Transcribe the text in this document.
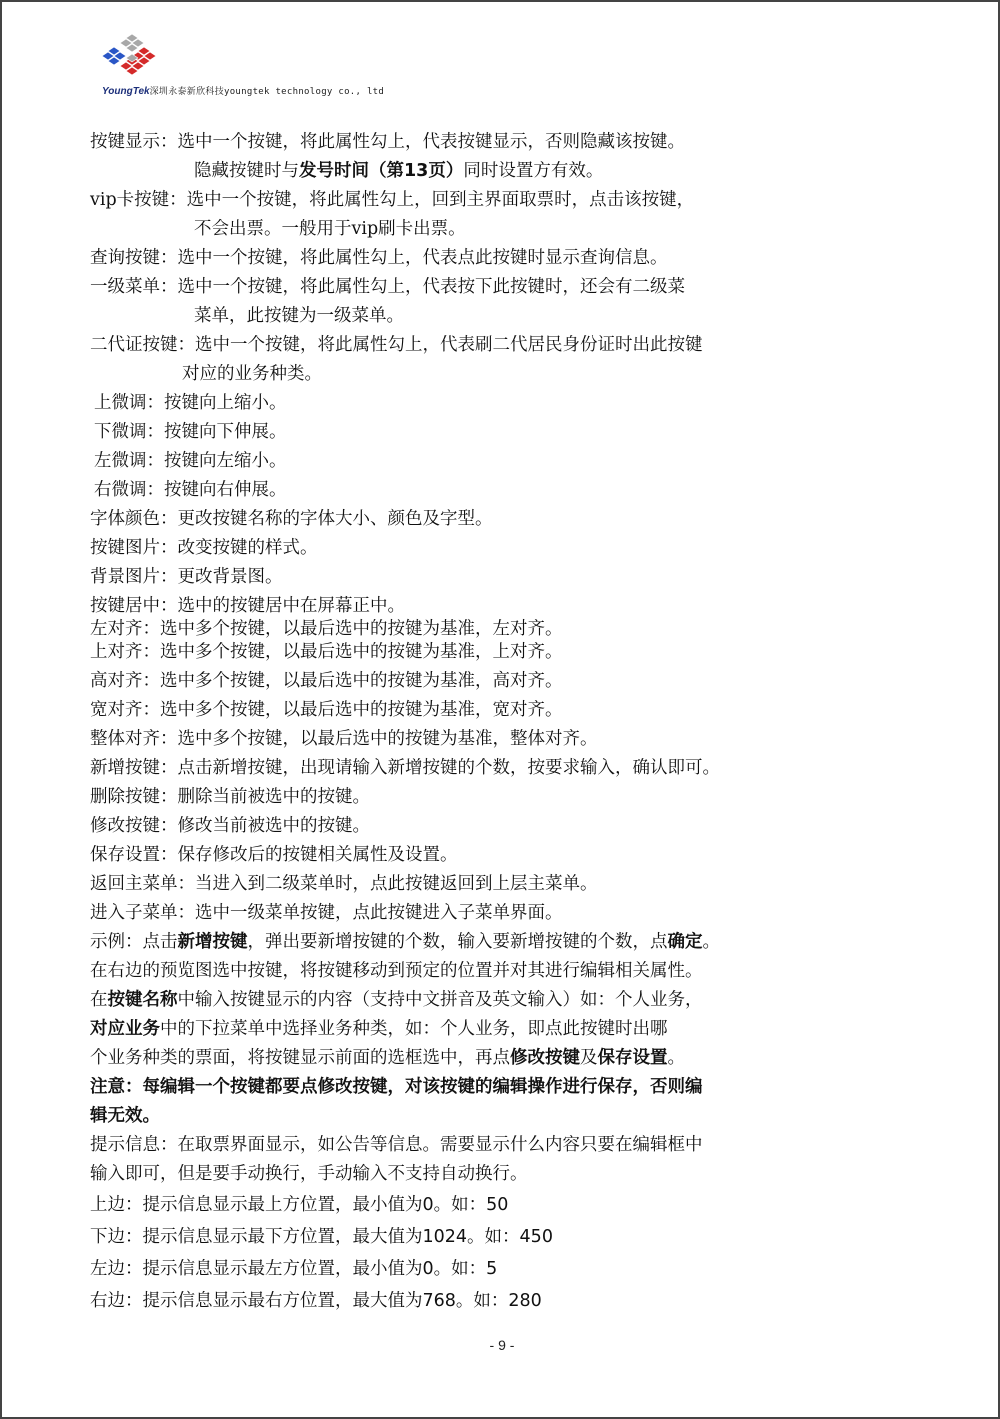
YoungTek深圳永泰新欣科技youngtek technology co., ltd
按键显示：选中一个按键，将此属性勾上，代表按键显示，否则隐藏该按键。
隐藏按键时与发号时间（第13页）同时设置方有效。
vip卡按键：选中一个按键，将此属性勾上，回到主界面取票时，点击该按键，
不会出票。一般用于vip刷卡出票。
查询按键：选中一个按键，将此属性勾上，代表点此按键时显示查询信息。
一级菜单：选中一个按键，将此属性勾上，代表按下此按键时，还会有二级菜
菜单，此按键为一级菜单。
二代证按键：选中一个按键，将此属性勾上，代表刷二代居民身份证时出此按键
对应的业务种类。
上微调：按键向上缩小。
下微调：按键向下伸展。
左微调：按键向左缩小。
右微调：按键向右伸展。
字体颜色：更改按键名称的字体大小、颜色及字型。
按键图片：改变按键的样式。
背景图片：更改背景图。
按键居中：选中的按键居中在屏幕正中。
左对齐：选中多个按键，以最后选中的按键为基准，左对齐。
上对齐：选中多个按键，以最后选中的按键为基准，上对齐。
高对齐：选中多个按键，以最后选中的按键为基准，高对齐。
宽对齐：选中多个按键，以最后选中的按键为基准，宽对齐。
整体对齐：选中多个按键，以最后选中的按键为基准，整体对齐。
新增按键：点击新增按键，出现请输入新增按键的个数，按要求输入，确认即可。
删除按键：删除当前被选中的按键。
修改按键：修改当前被选中的按键。
保存设置：保存修改后的按键相关属性及设置。
返回主菜单：当进入到二级菜单时，点此按键返回到上层主菜单。
进入子菜单：选中一级菜单按键，点此按键进入子菜单界面。
示例：点击新增按键，弹出要新增按键的个数，输入要新增按键的个数，点确定。
在右边的预览图选中按键，将按键移动到预定的位置并对其进行编辑相关属性。
在按键名称中输入按键显示的内容（支持中文拼音及英文输入）如：个人业务，
对应业务中的下拉菜单中选择业务种类，如：个人业务，即点此按键时出哪
个业务种类的票面，将按键显示前面的选框选中，再点修改按键及保存设置。
注意：每编辑一个按键都要点修改按键，对该按键的编辑操作进行保存，否则编
辑无效。
提示信息：在取票界面显示，如公告等信息。需要显示什么内容只要在编辑框中
输入即可，但是要手动换行，手动输入不支持自动换行。
上边：提示信息显示最上方位置，最小值为0。如：50
下边：提示信息显示最下方位置，最大值为1024。如：450
左边：提示信息显示最左方位置，最小值为0。如：5
右边：提示信息显示最右方位置，最大值为768。如：280
- 9 -
